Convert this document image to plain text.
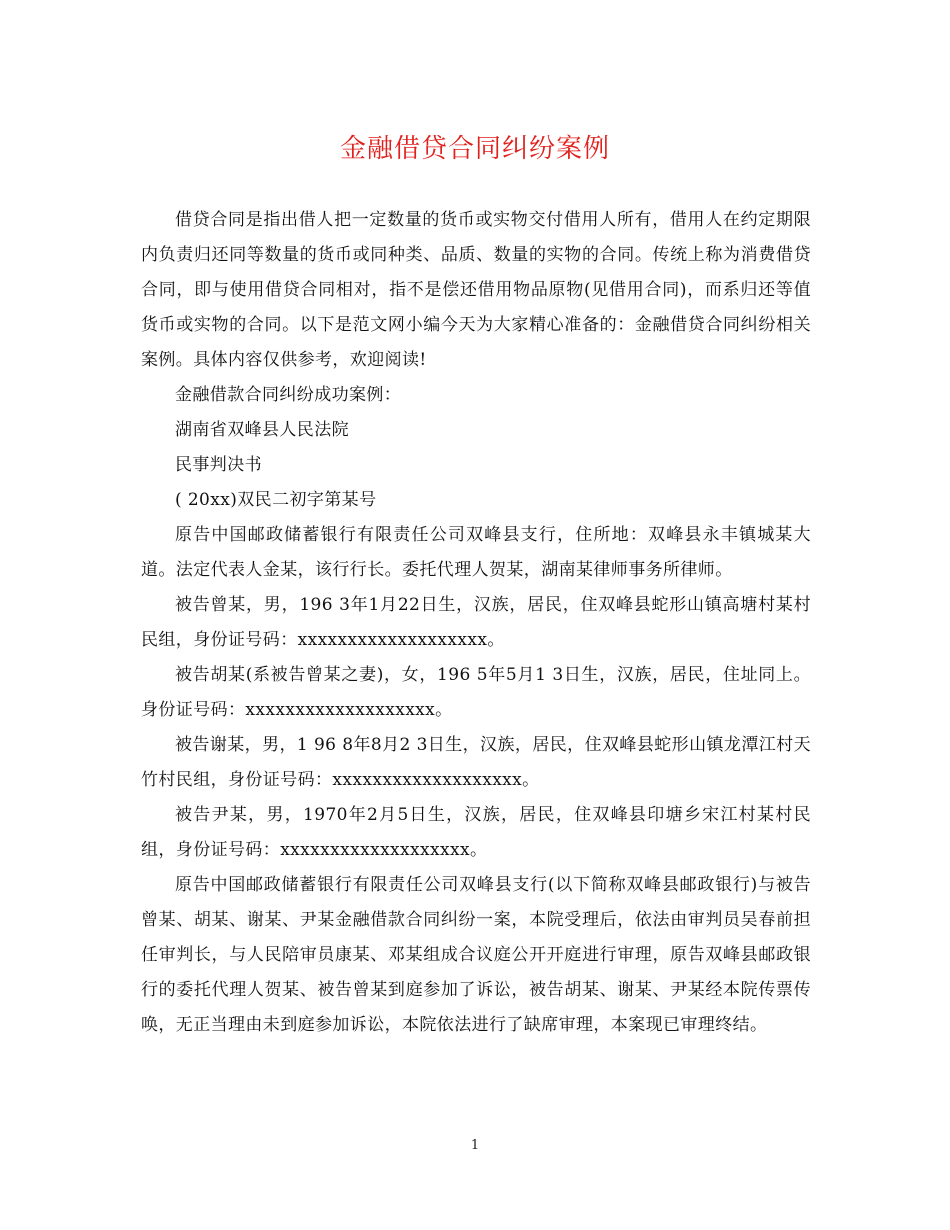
金融借贷合同纠纷案例

借贷合同是指出借人把一定数量的货币或实物交付借用人所有，借用人在约定期限内负责归还同等数量的货币或同种类、品质、数量的实物的合同。传统上称为消费借贷合同，即与使用借贷合同相对，指不是偿还借用物品原物(见借用合同)，而系归还等值货币或实物的合同。以下是范文网小编今天为大家精心准备的：金融借贷合同纠纷相关案例。具体内容仅供参考，欢迎阅读!

金融借款合同纠纷成功案例：

湖南省双峰县人民法院

民事判决书

( 20xx)双民二初字第某号

原告中国邮政储蓄银行有限责任公司双峰县支行，住所地：双峰县永丰镇城某大道。法定代表人金某，该行行长。委托代理人贺某，湖南某律师事务所律师。

被告曾某，男，196 3年1月22日生，汉族，居民，住双峰县蛇形山镇高塘村某村民组，身份证号码：xxxxxxxxxxxxxxxxxxx。

被告胡某(系被告曾某之妻)，女，196 5年5月1 3日生，汉族，居民，住址同上。身份证号码：xxxxxxxxxxxxxxxxxxx。

被告谢某，男，1 96 8年8月2 3日生，汉族，居民，住双峰县蛇形山镇龙潭江村天竹村民组，身份证号码：xxxxxxxxxxxxxxxxxxx。

被告尹某，男，1970年2月5日生，汉族，居民，住双峰县印塘乡宋江村某村民组，身份证号码：xxxxxxxxxxxxxxxxxxx。

原告中国邮政储蓄银行有限责任公司双峰县支行(以下简称双峰县邮政银行)与被告曾某、胡某、谢某、尹某金融借款合同纠纷一案，本院受理后，依法由审判员吴春前担任审判长，与人民陪审员康某、邓某组成合议庭公开开庭进行审理，原告双峰县邮政银行的委托代理人贺某、被告曾某到庭参加了诉讼，被告胡某、谢某、尹某经本院传票传唤，无正当理由未到庭参加诉讼，本院依法进行了缺席审理，本案现已审理终结。

1
